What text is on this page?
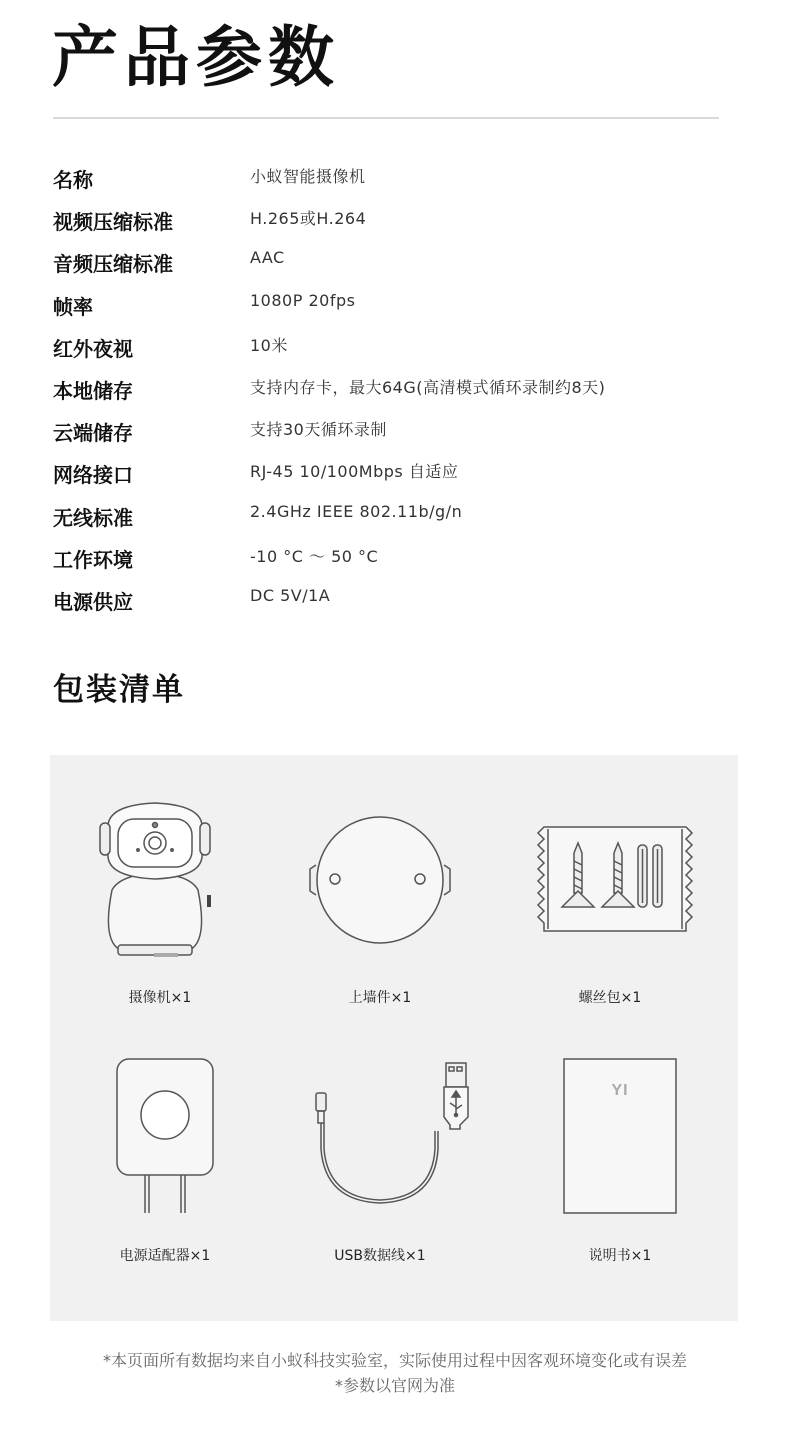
产品参数
名称	小蚁智能摄像机
视频压缩标准	H.265或H.264
音频压缩标准	AAC
帧率	1080P 20fps
红外夜视	10米
本地储存	支持内存卡，最大64G(高清模式循环录制约8天)
云端储存	支持30天循环录制
网络接口	RJ-45 10/100Mbps 自适应
无线标准	2.4GHz IEEE 802.11b/g/n
工作环境	-10 °C ～ 50 °C
电源供应	DC 5V/1A
包装清单
摄像机×1	上墙件×1	螺丝包×1
电源适配器×1	USB数据线×1
YI
说明书×1
*本页面所有数据均来自小蚁科技实验室，实际使用过程中因客观环境变化或有误差
*参数以官网为准
